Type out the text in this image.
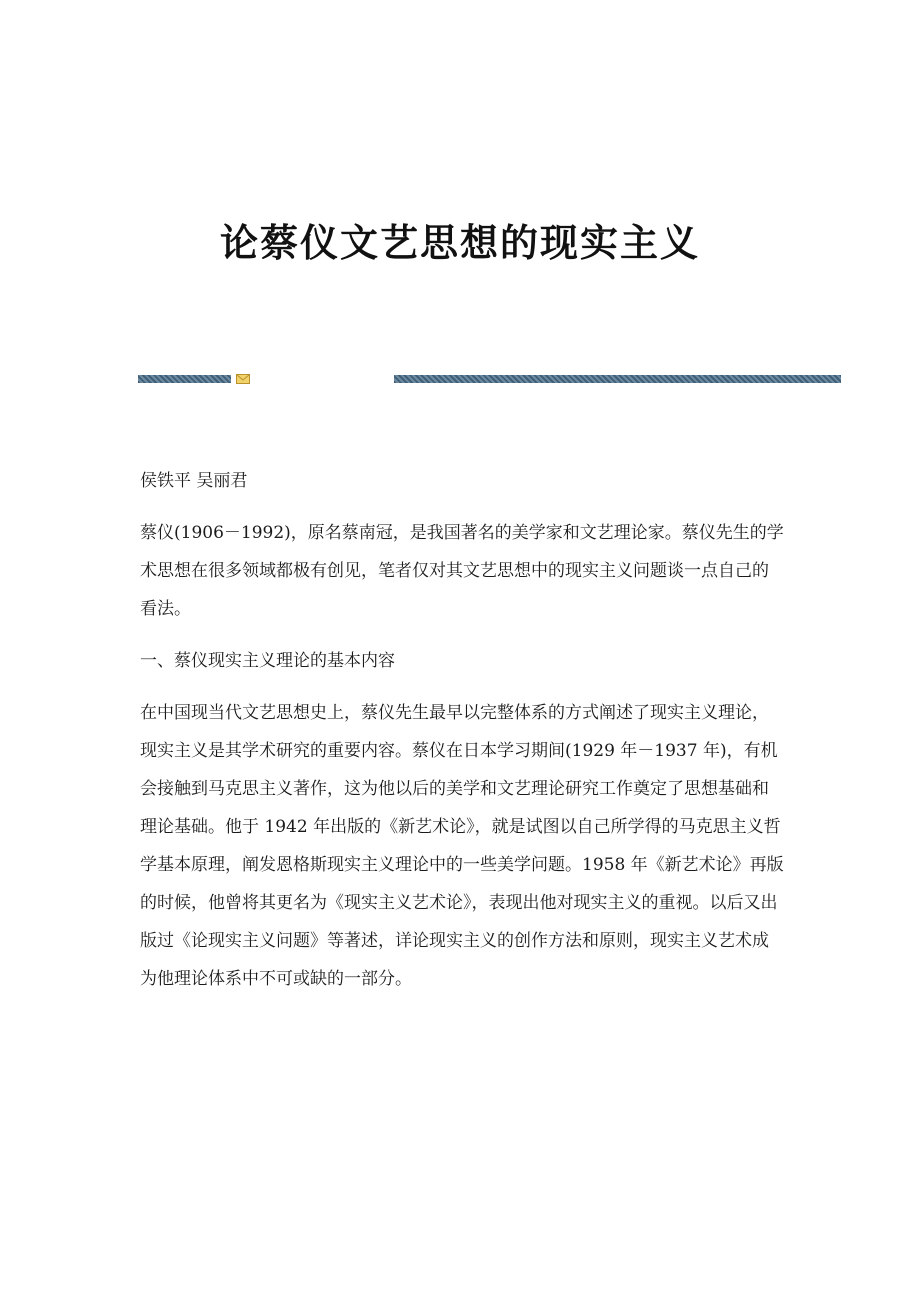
论蔡仪文艺思想的现实主义

侯铁平 吴丽君

蔡仪(1906－1992)，原名蔡南冠，是我国著名的美学家和文艺理论家。蔡仪先生的学术思想在很多领域都极有创见，笔者仅对其文艺思想中的现实主义问题谈一点自己的看法。

一、蔡仪现实主义理论的基本内容

在中国现当代文艺思想史上，蔡仪先生最早以完整体系的方式阐述了现实主义理论，现实主义是其学术研究的重要内容。蔡仪在日本学习期间(1929 年－1937 年)，有机会接触到马克思主义著作，这为他以后的美学和文艺理论研究工作奠定了思想基础和理论基础。他于 1942 年出版的《新艺术论》，就是试图以自己所学得的马克思主义哲学基本原理，阐发恩格斯现实主义理论中的一些美学问题。1958 年《新艺术论》再版的时候，他曾将其更名为《现实主义艺术论》，表现出他对现实主义的重视。以后又出版过《论现实主义问题》等著述，详论现实主义的创作方法和原则，现实主义艺术成为他理论体系中不可或缺的一部分。
